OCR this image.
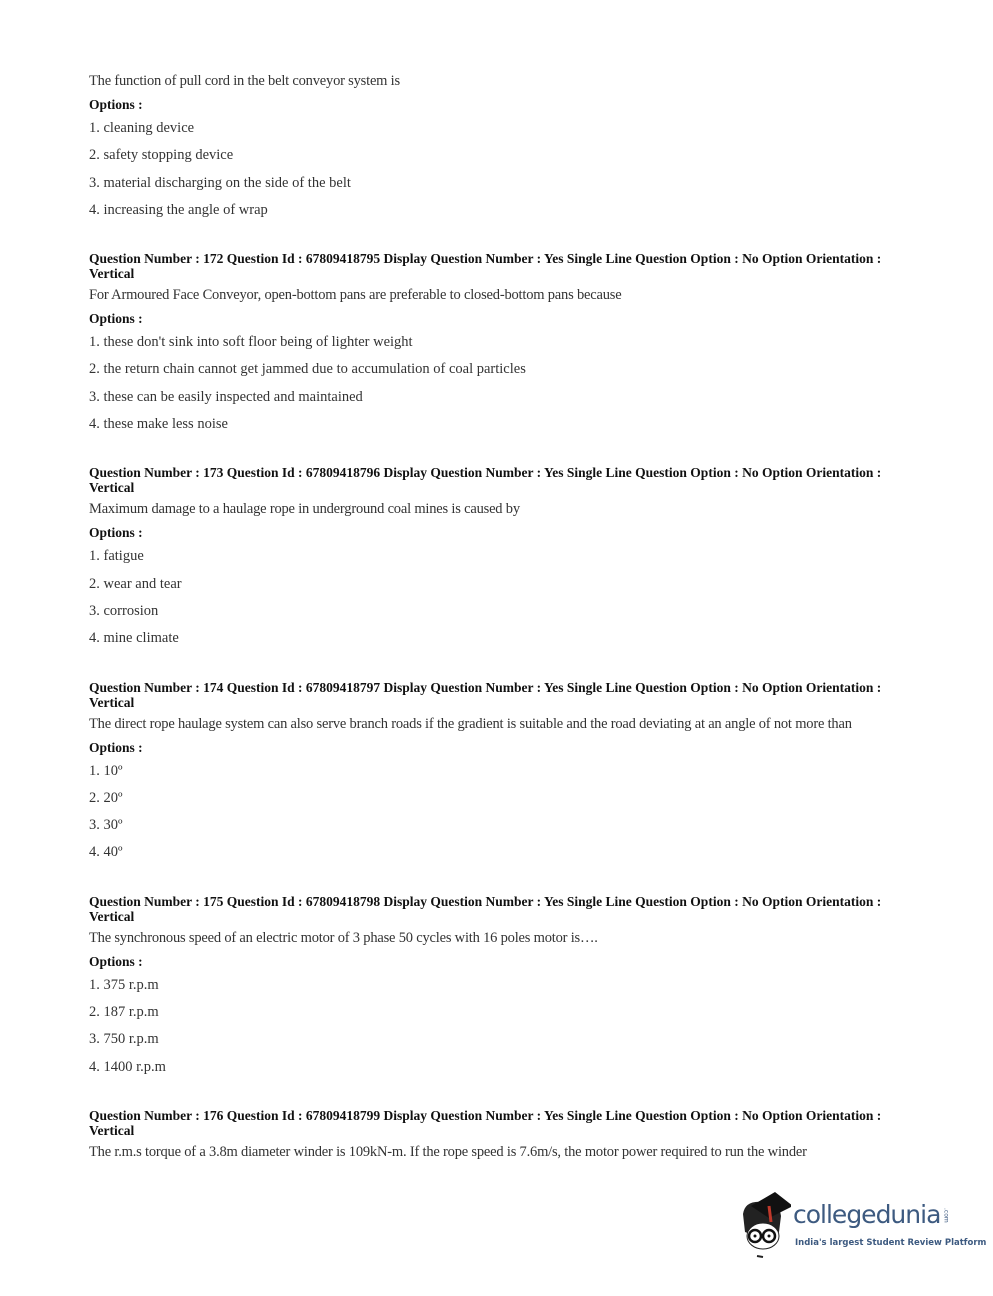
The function of pull cord in the belt conveyor system is
Options :
1. cleaning device
2. safety stopping device
3. material discharging on the side of the belt
4. increasing the angle of wrap
Question Number : 172 Question Id : 67809418795 Display Question Number : Yes Single Line Question Option : No Option Orientation : Vertical
For Armoured Face Conveyor, open-bottom pans are preferable to closed-bottom pans because
Options :
1. these don't sink into soft floor being of lighter weight
2. the return chain cannot get jammed due to accumulation of coal particles
3. these can be easily inspected and maintained
4. these make less noise
Question Number : 173 Question Id : 67809418796 Display Question Number : Yes Single Line Question Option : No Option Orientation : Vertical
Maximum damage to a haulage rope in underground coal mines is caused by
Options :
1. fatigue
2. wear and tear
3. corrosion
4. mine climate
Question Number : 174 Question Id : 67809418797 Display Question Number : Yes Single Line Question Option : No Option Orientation : Vertical
The direct rope haulage system can also serve branch roads if the gradient is suitable and the road deviating at an angle of not more than
Options :
1. 10º
2. 20º
3. 30º
4. 40º
Question Number : 175 Question Id : 67809418798 Display Question Number : Yes Single Line Question Option : No Option Orientation : Vertical
The synchronous speed of an electric motor of 3 phase 50 cycles with 16 poles motor is….
Options :
1. 375 r.p.m
2. 187 r.p.m
3. 750 r.p.m
4. 1400 r.p.m
Question Number : 176 Question Id : 67809418799 Display Question Number : Yes Single Line Question Option : No Option Orientation : Vertical
The r.m.s torque of a 3.8m diameter winder is 109kN-m. If the rope speed is 7.6m/s, the motor power required to run the winder
collegedunia .com
India's largest Student Review Platform
